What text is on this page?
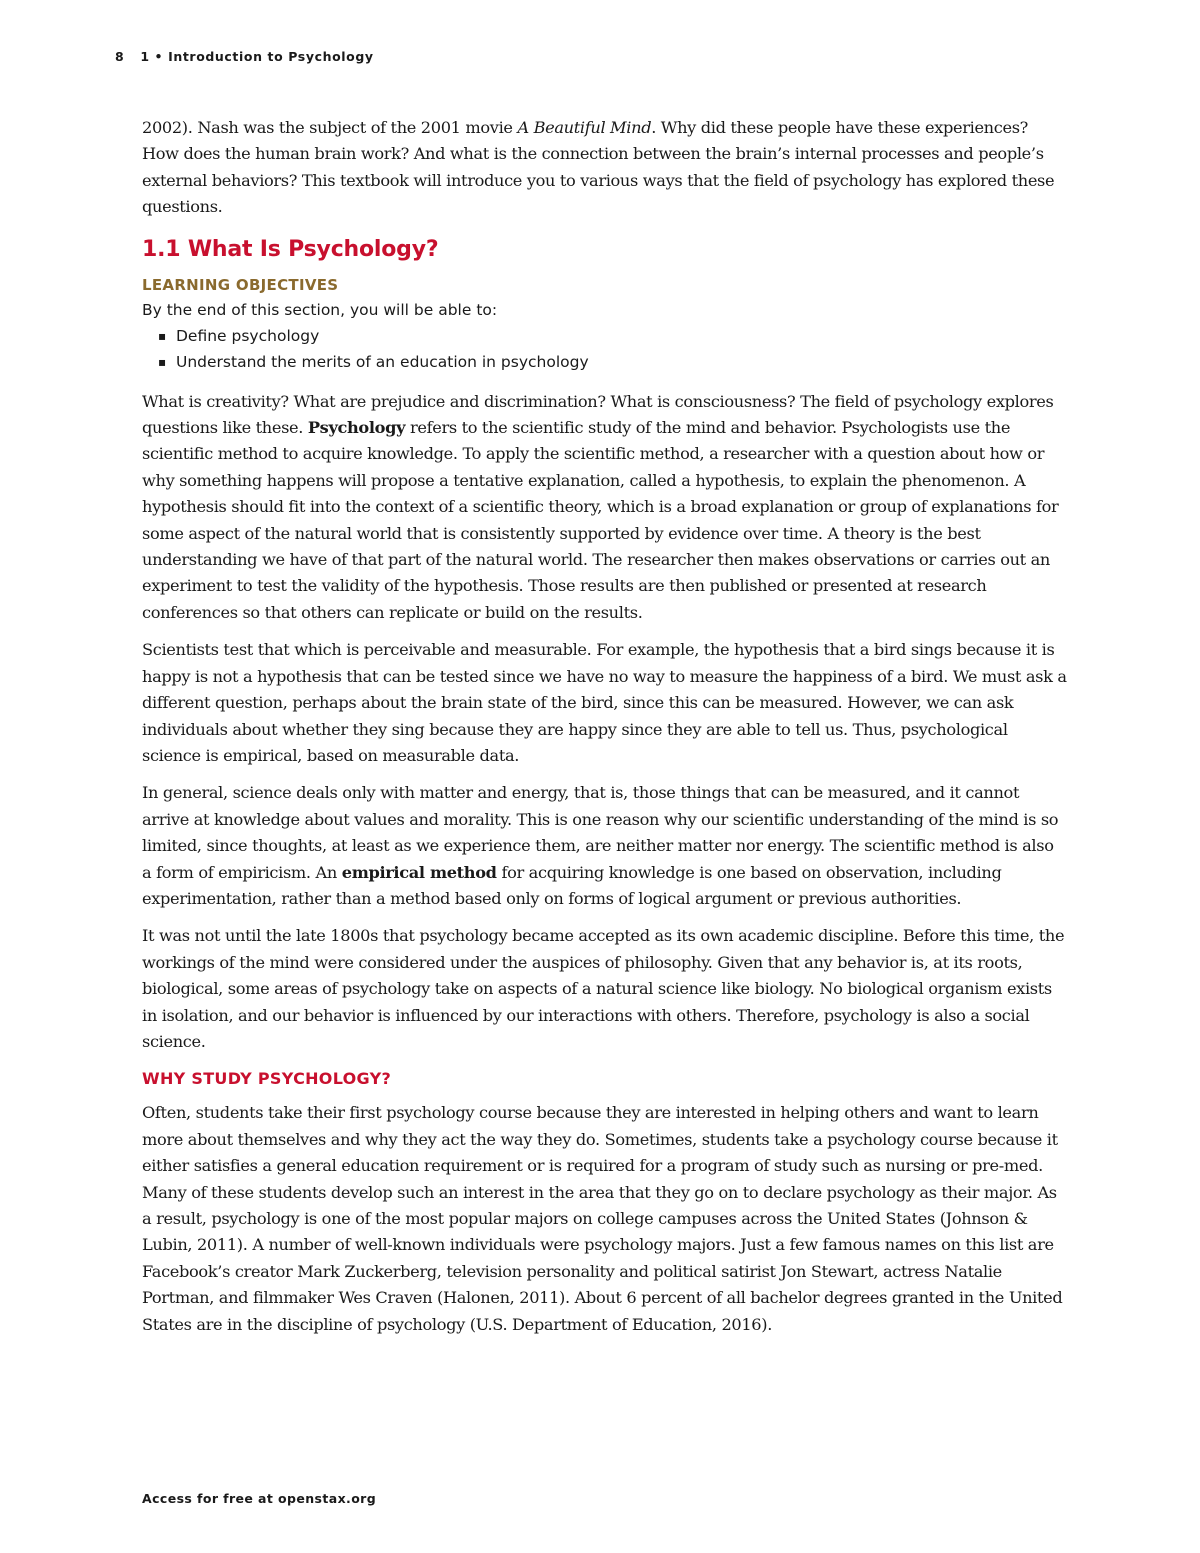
8 1 • Introduction to Psychology

2002). Nash was the subject of the 2001 movie A Beautiful Mind. Why did these people have these experiences? How does the human brain work? And what is the connection between the brain’s internal processes and people’s external behaviors? This textbook will introduce you to various ways that the field of psychology has explored these questions.

1.1 What Is Psychology?
LEARNING OBJECTIVES
By the end of this section, you will be able to:
▪ Define psychology
▪ Understand the merits of an education in psychology

What is creativity? What are prejudice and discrimination? What is consciousness? The field of psychology explores questions like these. Psychology refers to the scientific study of the mind and behavior. Psychologists use the scientific method to acquire knowledge. To apply the scientific method, a researcher with a question about how or why something happens will propose a tentative explanation, called a hypothesis, to explain the phenomenon. A hypothesis should fit into the context of a scientific theory, which is a broad explanation or group of explanations for some aspect of the natural world that is consistently supported by evidence over time. A theory is the best understanding we have of that part of the natural world. The researcher then makes observations or carries out an experiment to test the validity of the hypothesis. Those results are then published or presented at research conferences so that others can replicate or build on the results.

Scientists test that which is perceivable and measurable. For example, the hypothesis that a bird sings because it is happy is not a hypothesis that can be tested since we have no way to measure the happiness of a bird. We must ask a different question, perhaps about the brain state of the bird, since this can be measured. However, we can ask individuals about whether they sing because they are happy since they are able to tell us. Thus, psychological science is empirical, based on measurable data.

In general, science deals only with matter and energy, that is, those things that can be measured, and it cannot arrive at knowledge about values and morality. This is one reason why our scientific understanding of the mind is so limited, since thoughts, at least as we experience them, are neither matter nor energy. The scientific method is also a form of empiricism. An empirical method for acquiring knowledge is one based on observation, including experimentation, rather than a method based only on forms of logical argument or previous authorities.

It was not until the late 1800s that psychology became accepted as its own academic discipline. Before this time, the workings of the mind were considered under the auspices of philosophy. Given that any behavior is, at its roots, biological, some areas of psychology take on aspects of a natural science like biology. No biological organism exists in isolation, and our behavior is influenced by our interactions with others. Therefore, psychology is also a social science.

WHY STUDY PSYCHOLOGY?

Often, students take their first psychology course because they are interested in helping others and want to learn more about themselves and why they act the way they do. Sometimes, students take a psychology course because it either satisfies a general education requirement or is required for a program of study such as nursing or pre-med. Many of these students develop such an interest in the area that they go on to declare psychology as their major. As a result, psychology is one of the most popular majors on college campuses across the United States (Johnson & Lubin, 2011). A number of well-known individuals were psychology majors. Just a few famous names on this list are Facebook’s creator Mark Zuckerberg, television personality and political satirist Jon Stewart, actress Natalie Portman, and filmmaker Wes Craven (Halonen, 2011). About 6 percent of all bachelor degrees granted in the United States are in the discipline of psychology (U.S. Department of Education, 2016).

Access for free at openstax.org
